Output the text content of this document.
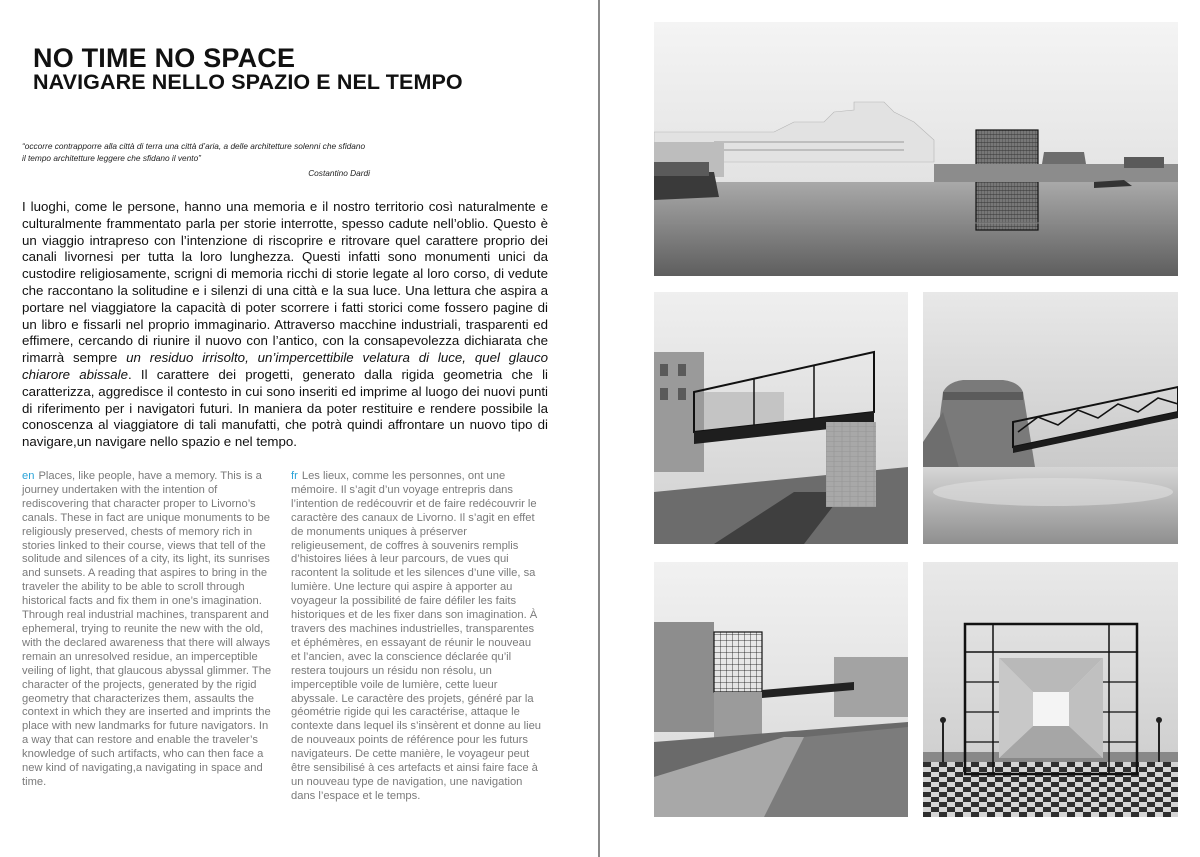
NO TIME NO SPACE
NAVIGARE NELLO SPAZIO E NEL TEMPO

“occorre contrapporre alla città di terra una città d’aria, a delle architetture solenni che sfidano il tempo architetture leggere che sfidano il vento”

Costantino Dardi

I luoghi, come le persone, hanno una memoria e il nostro territorio così naturalmente e culturalmente frammentato parla per storie interrotte, spesso cadute nell’oblio. Questo è un viaggio intrapreso con l’intenzione di riscoprire e ritrovare quel carattere proprio dei canali livornesi per tutta la loro lunghezza. Questi infatti sono monumenti unici da custodire religiosamente, scrigni di memoria ricchi di storie legate al loro corso, di vedute che raccontano la solitudine e i silenzi di una città e la sua luce. Una lettura che aspira a portare nel viaggiatore la capacità di poter scorrere i fatti storici come fossero pagine di un libro e fissarli nel proprio immaginario. Attraverso macchine industriali, trasparenti ed effimere, cercando di riunire il nuovo con l’antico, con la consapevolezza dichiarata che rimarrà sempre un residuo irrisolto, un’impercettibile velatura di luce, quel glauco chiarore abissale. Il carattere dei progetti, generato dalla rigida geometria che li caratterizza, aggredisce il contesto in cui sono inseriti ed imprime al luogo dei nuovi punti di riferimento per i navigatori futuri. In maniera da poter restituire e rendere possibile la conoscenza al viaggiatore di tali manufatti, che potrà quindi affrontare un nuovo tipo di navigare,un navigare nello spazio e nel tempo.

en Places, like people, have a memory. This is a journey undertaken with the intention of rediscovering that character proper to Livorno’s canals. These in fact are unique monuments to be religiously preserved, chests of memory rich in stories linked to their course, views that tell of the solitude and silences of a city, its light, its sunrises and sunsets. A reading that aspires to bring in the traveler the ability to be able to scroll through historical facts and fix them in one’s imagination. Through real industrial machines, transparent and ephemeral, trying to reunite the new with the old, with the declared awareness that there will always remain an unresolved residue, an imperceptible veiling of light, that glaucous abyssal glimmer. The character of the projects, generated by the rigid geometry that characterizes them, assaults the context in which they are inserted and imprints the place with new landmarks for future navigators. In a way that can restore and enable the traveler’s knowledge of such artifacts, who can then face a new kind of navigating,a navigating in space and time.

fr Les lieux, comme les personnes, ont une mémoire. Il s’agit d’un voyage entrepris dans l’intention de redécouvrir et de faire redécouvrir le caractère des canaux de Livorno. Il s’agit en effet de monuments uniques à préserver religieusement, de coffres à souvenirs remplis d’histoires liées à leur parcours, de vues qui racontent la solitude et les silences d’une ville, sa lumière. Une lecture qui aspire à apporter au voyageur la possibilité de faire défiler les faits historiques et de les fixer dans son imagination. À travers des machines industrielles, transparentes et éphémères, en essayant de réunir le nouveau et l’ancien, avec la conscience déclarée qu’il restera toujours un résidu non résolu, un imperceptible voile de lumière, cette lueur abyssale. Le caractère des projets, généré par la géométrie rigide qui les caractérise, attaque le contexte dans lequel ils s’insèrent et donne au lieu de nouveaux points de référence pour les futurs navigateurs. De cette manière, le voyageur peut être sensibilisé à ces artefacts et ainsi faire face à un nouveau type de navigation, une navigation dans l’espace et le temps.
